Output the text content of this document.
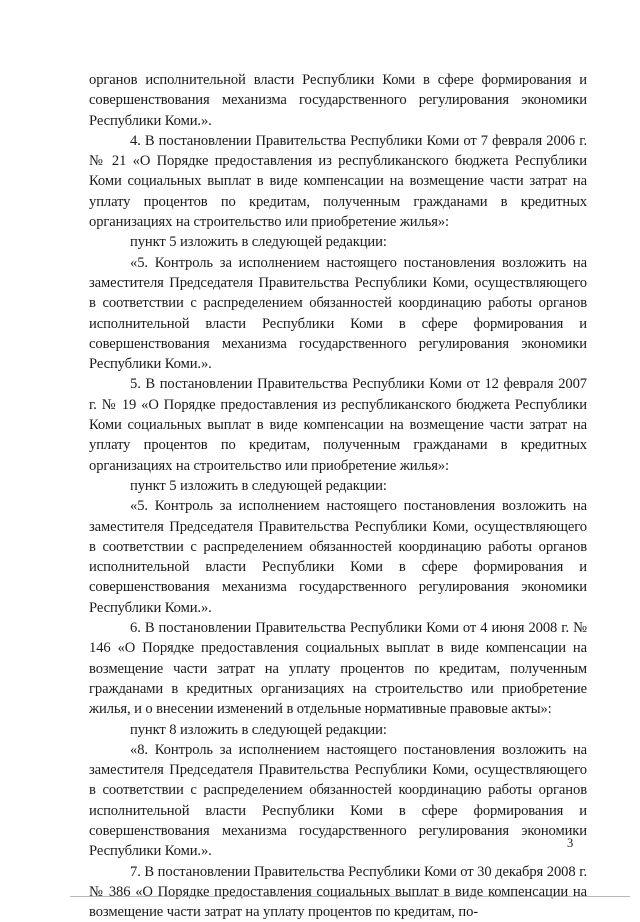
органов исполнительной власти Республики Коми в сфере формирования и совершенствования механизма государственного регулирования экономики Республики Коми.».

4. В постановлении Правительства Республики Коми от 7 февраля 2006 г. № 21 «О Порядке предоставления из республиканского бюджета Республики Коми социальных выплат в виде компенсации на возмещение части затрат на уплату процентов по кредитам, полученным гражданами в кредитных организациях на строительство или приобретение жилья»:

пункт 5 изложить в следующей редакции:

«5. Контроль за исполнением настоящего постановления возложить на заместителя Председателя Правительства Республики Коми, осуществляющего в соответствии с распределением обязанностей координацию работы органов исполнительной власти Республики Коми в сфере формирования и совершенствования механизма государственного регулирования экономики Республики Коми.».

5. В постановлении Правительства Республики Коми от 12 февраля 2007 г. № 19 «О Порядке предоставления из республиканского бюджета Республики Коми социальных выплат в виде компенсации на возмещение части затрат на уплату процентов по кредитам, полученным гражданами в кредитных организациях на строительство или приобретение жилья»:

пункт 5 изложить в следующей редакции:

«5. Контроль за исполнением настоящего постановления возложить на заместителя Председателя Правительства Республики Коми, осуществляющего в соответствии с распределением обязанностей координацию работы органов исполнительной власти Республики Коми в сфере формирования и совершенствования механизма государственного регулирования экономики Республики Коми.».

6. В постановлении Правительства Республики Коми от 4 июня 2008 г. № 146 «О Порядке предоставления социальных выплат в виде компенсации на возмещение части затрат на уплату процентов по кредитам, полученным гражданами в кредитных организациях на строительство или приобретение жилья, и о внесении изменений в отдельные нормативные правовые акты»:

пункт 8 изложить в следующей редакции:

«8. Контроль за исполнением настоящего постановления возложить на заместителя Председателя Правительства Республики Коми, осуществляющего в соответствии с распределением обязанностей координацию работы органов исполнительной власти Республики Коми в сфере формирования и совершенствования механизма государственного регулирования экономики Республики Коми.».

7. В постановлении Правительства Республики Коми от 30 декабря 2008 г. № 386 «О Порядке предоставления социальных выплат в виде компенсации на возмещение части затрат на уплату процентов по кредитам, по-

3
